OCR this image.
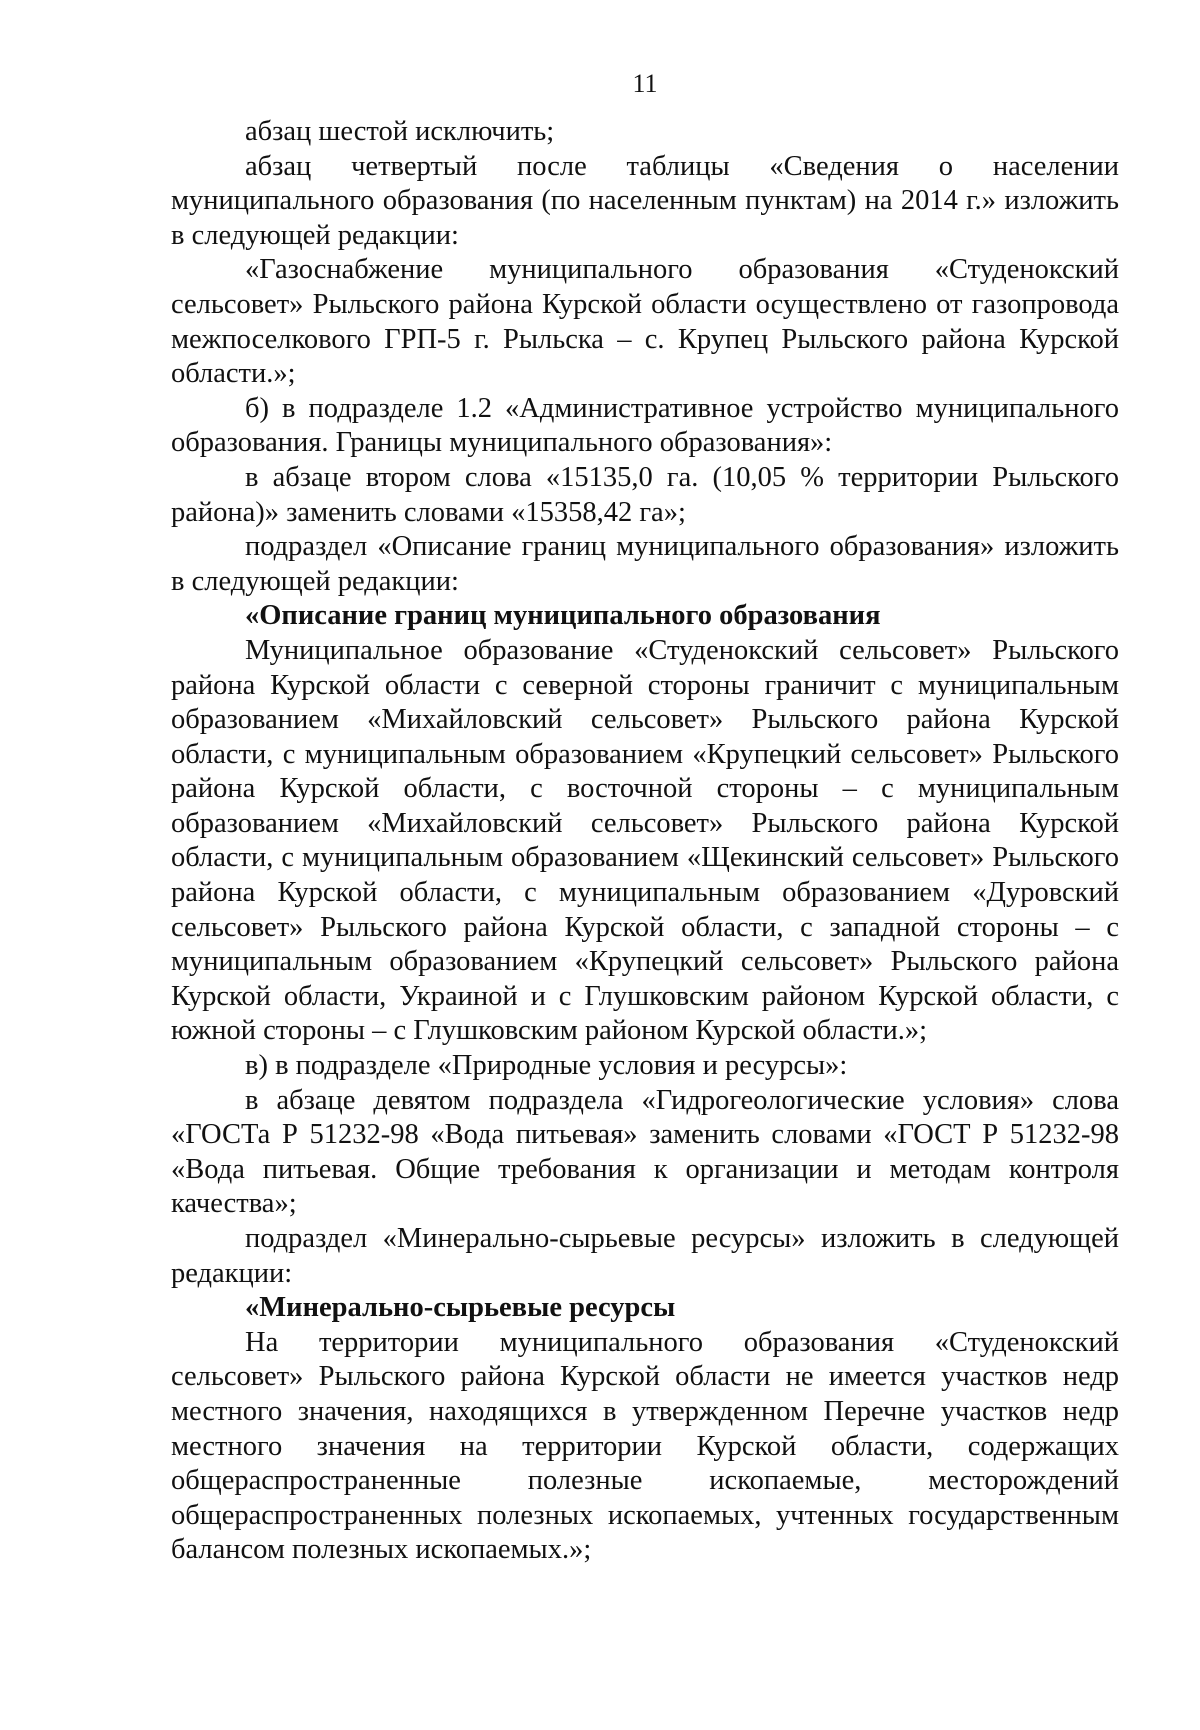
11

абзац шестой исключить;

абзац четвертый после таблицы «Сведения о населении муниципального образования (по населенным пунктам) на 2014 г.» изложить в следующей редакции:

«Газоснабжение муниципального образования «Студенокский сельсовет» Рыльского района Курской области осуществлено от газопровода межпоселкового ГРП-5 г. Рыльска – с. Крупец Рыльского района Курской области.»;

б) в подразделе 1.2 «Административное устройство муниципального образования. Границы муниципального образования»:

в абзаце втором слова «15135,0 га. (10,05 % территории Рыльского района)» заменить словами «15358,42 га»;

подраздел «Описание границ муниципального образования» изложить в следующей редакции:

«Описание границ муниципального образования

Муниципальное образование «Студенокский сельсовет» Рыльского района Курской области с северной стороны граничит с муниципальным образованием «Михайловский сельсовет» Рыльского района Курской области, с муниципальным образованием «Крупецкий сельсовет» Рыльского района Курской области, с восточной стороны – с муниципальным образованием «Михайловский сельсовет» Рыльского района Курской области, с муниципальным образованием «Щекинский сельсовет» Рыльского района Курской области, с муниципальным образованием «Дуровский сельсовет» Рыльского района Курской области, с западной стороны – с муниципальным образованием «Крупецкий сельсовет» Рыльского района Курской области, Украиной и с Глушковским районом Курской области, с южной стороны – с Глушковским районом Курской области.»;

в) в подразделе «Природные условия и ресурсы»:

в абзаце девятом подраздела «Гидрогеологические условия» слова «ГОСТа Р 51232-98 «Вода питьевая» заменить словами «ГОСТ Р 51232-98 «Вода питьевая. Общие требования к организации и методам контроля качества»;

подраздел «Минерально-сырьевые ресурсы» изложить в следующей редакции:

«Минерально-сырьевые ресурсы

На территории муниципального образования «Студенокский сельсовет» Рыльского района Курской области не имеется участков недр местного значения, находящихся в утвержденном Перечне участков недр местного значения на территории Курской области, содержащих общераспространенные полезные ископаемые, месторождений общераспространенных полезных ископаемых, учтенных государственным балансом полезных ископаемых.»;
